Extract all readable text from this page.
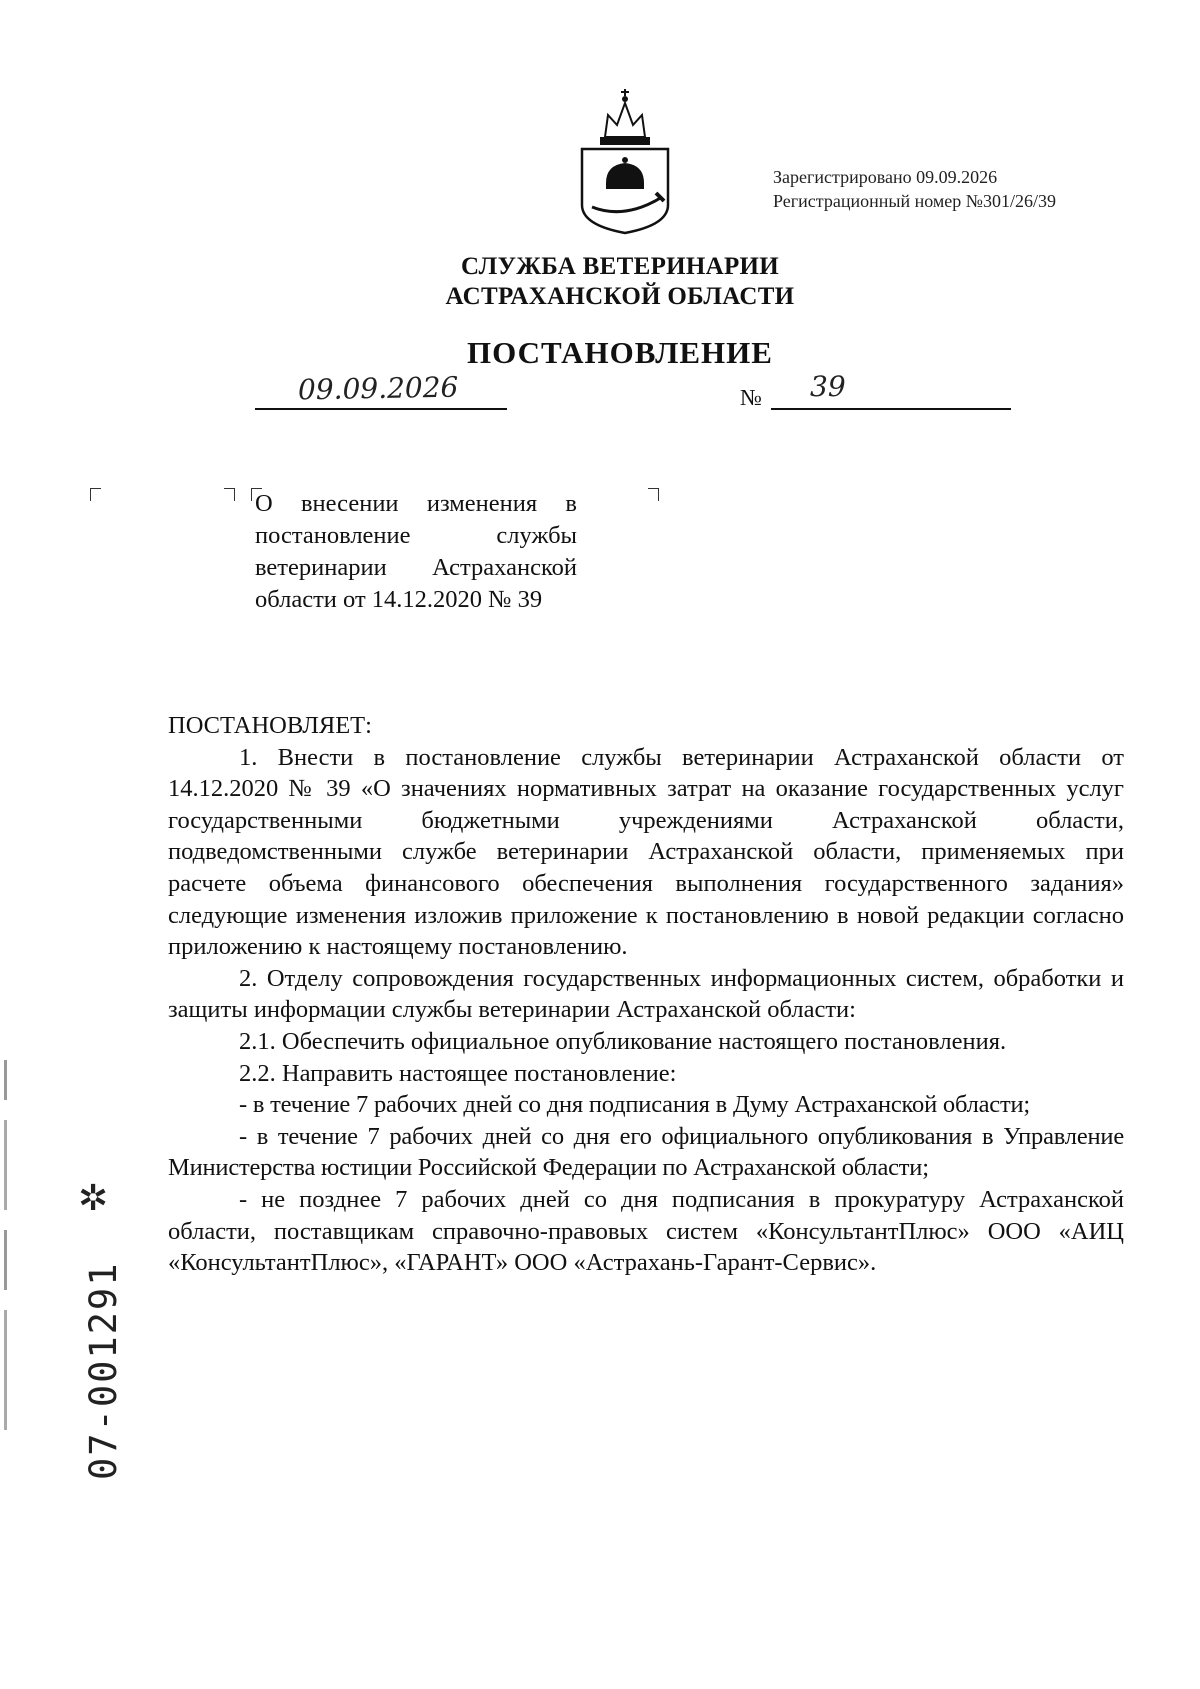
Зарегистрировано 09.09.2026
Регистрационный номер №301/26/39
СЛУЖБА ВЕТЕРИНАРИИ
АСТРАХАНСКОЙ ОБЛАСТИ
ПОСТАНОВЛЕНИЕ
09.09.2026	№ 39
О внесении изменения в постановление службы ветеринарии Астраханской области от 14.12.2020 № 39

ПОСТАНОВЛЯЕТ:

1. Внести в постановление службы ветеринарии Астраханской области от 14.12.2020 № 39 «О значениях нормативных затрат на оказание государственных услуг государственными бюджетными учреждениями Астраханской области, подведомственными службе ветеринарии Астраханской области, применяемых при расчете объема финансового обеспечения выполнения государственного задания» следующие изменения изложив приложение к постановлению в новой редакции согласно приложению к настоящему постановлению.

2. Отделу сопровождения государственных информационных систем, обработки и защиты информации службы ветеринарии Астраханской области:

2.1. Обеспечить официальное опубликование настоящего постановления.

2.2. Направить настоящее постановление:

- в течение 7 рабочих дней со дня подписания в Думу Астраханской области;

- в течение 7 рабочих дней со дня его официального опубликования в Управление Министерства юстиции Российской Федерации по Астраханской области;

- не позднее 7 рабочих дней со дня подписания в прокуратуру Астраханской области, поставщикам справочно-правовых систем «КонсультантПлюс» ООО «АИЦ «КонсультантПлюс», «ГАРАНТ» ООО «Астрахань-Гарант-Сервис».

✲
07-001291
